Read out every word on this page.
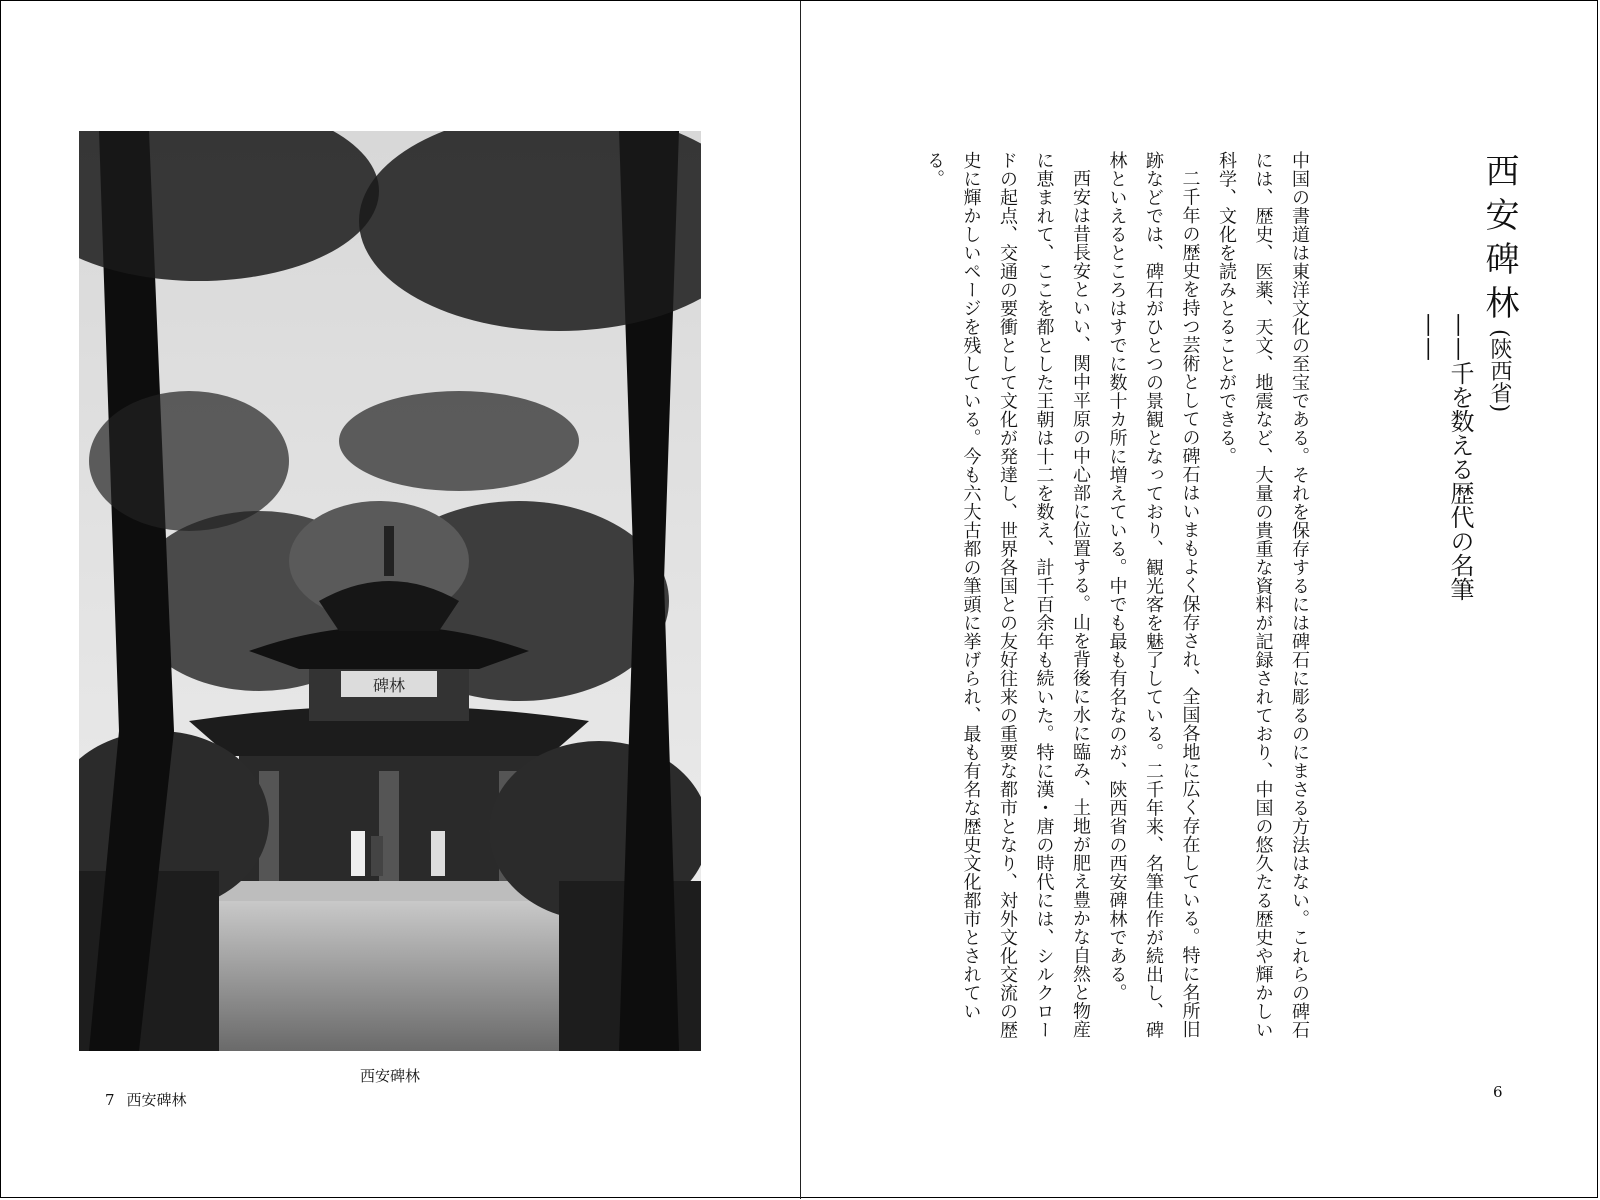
碑林
西安碑林
7 西安碑林
西安碑林(陝西省)
——千を数える歴代の名筆——

中国の書道は東洋文化の至宝である。それを保存するには碑石に彫るのにまさる方法はない。これらの碑石には、歴史、医薬、天文、地震など、大量の貴重な資料が記録されており、中国の悠久たる歴史や輝かしい科学、文化を読みとることができる。

二千年の歴史を持つ芸術としての碑石はいまもよく保存され、全国各地に広く存在している。特に名所旧跡などでは、碑石がひとつの景観となっており、観光客を魅了している。二千年来、名筆佳作が続出し、碑林といえるところはすでに数十カ所に増えている。中でも最も有名なのが、陝西省の西安碑林である。

西安は昔長安といい、関中平原の中心部に位置する。山を背後に水に臨み、土地が肥え豊かな自然と物産に恵まれて、ここを都とした王朝は十二を数え、計千百余年も続いた。特に漢・唐の時代には、シルクロードの起点、交通の要衝として文化が発達し、世界各国との友好往来の重要な都市となり、対外文化交流の歴史に輝かしいページを残している。今も六大古都の筆頭に挙げられ、最も有名な歴史文化都市とされている。

6
